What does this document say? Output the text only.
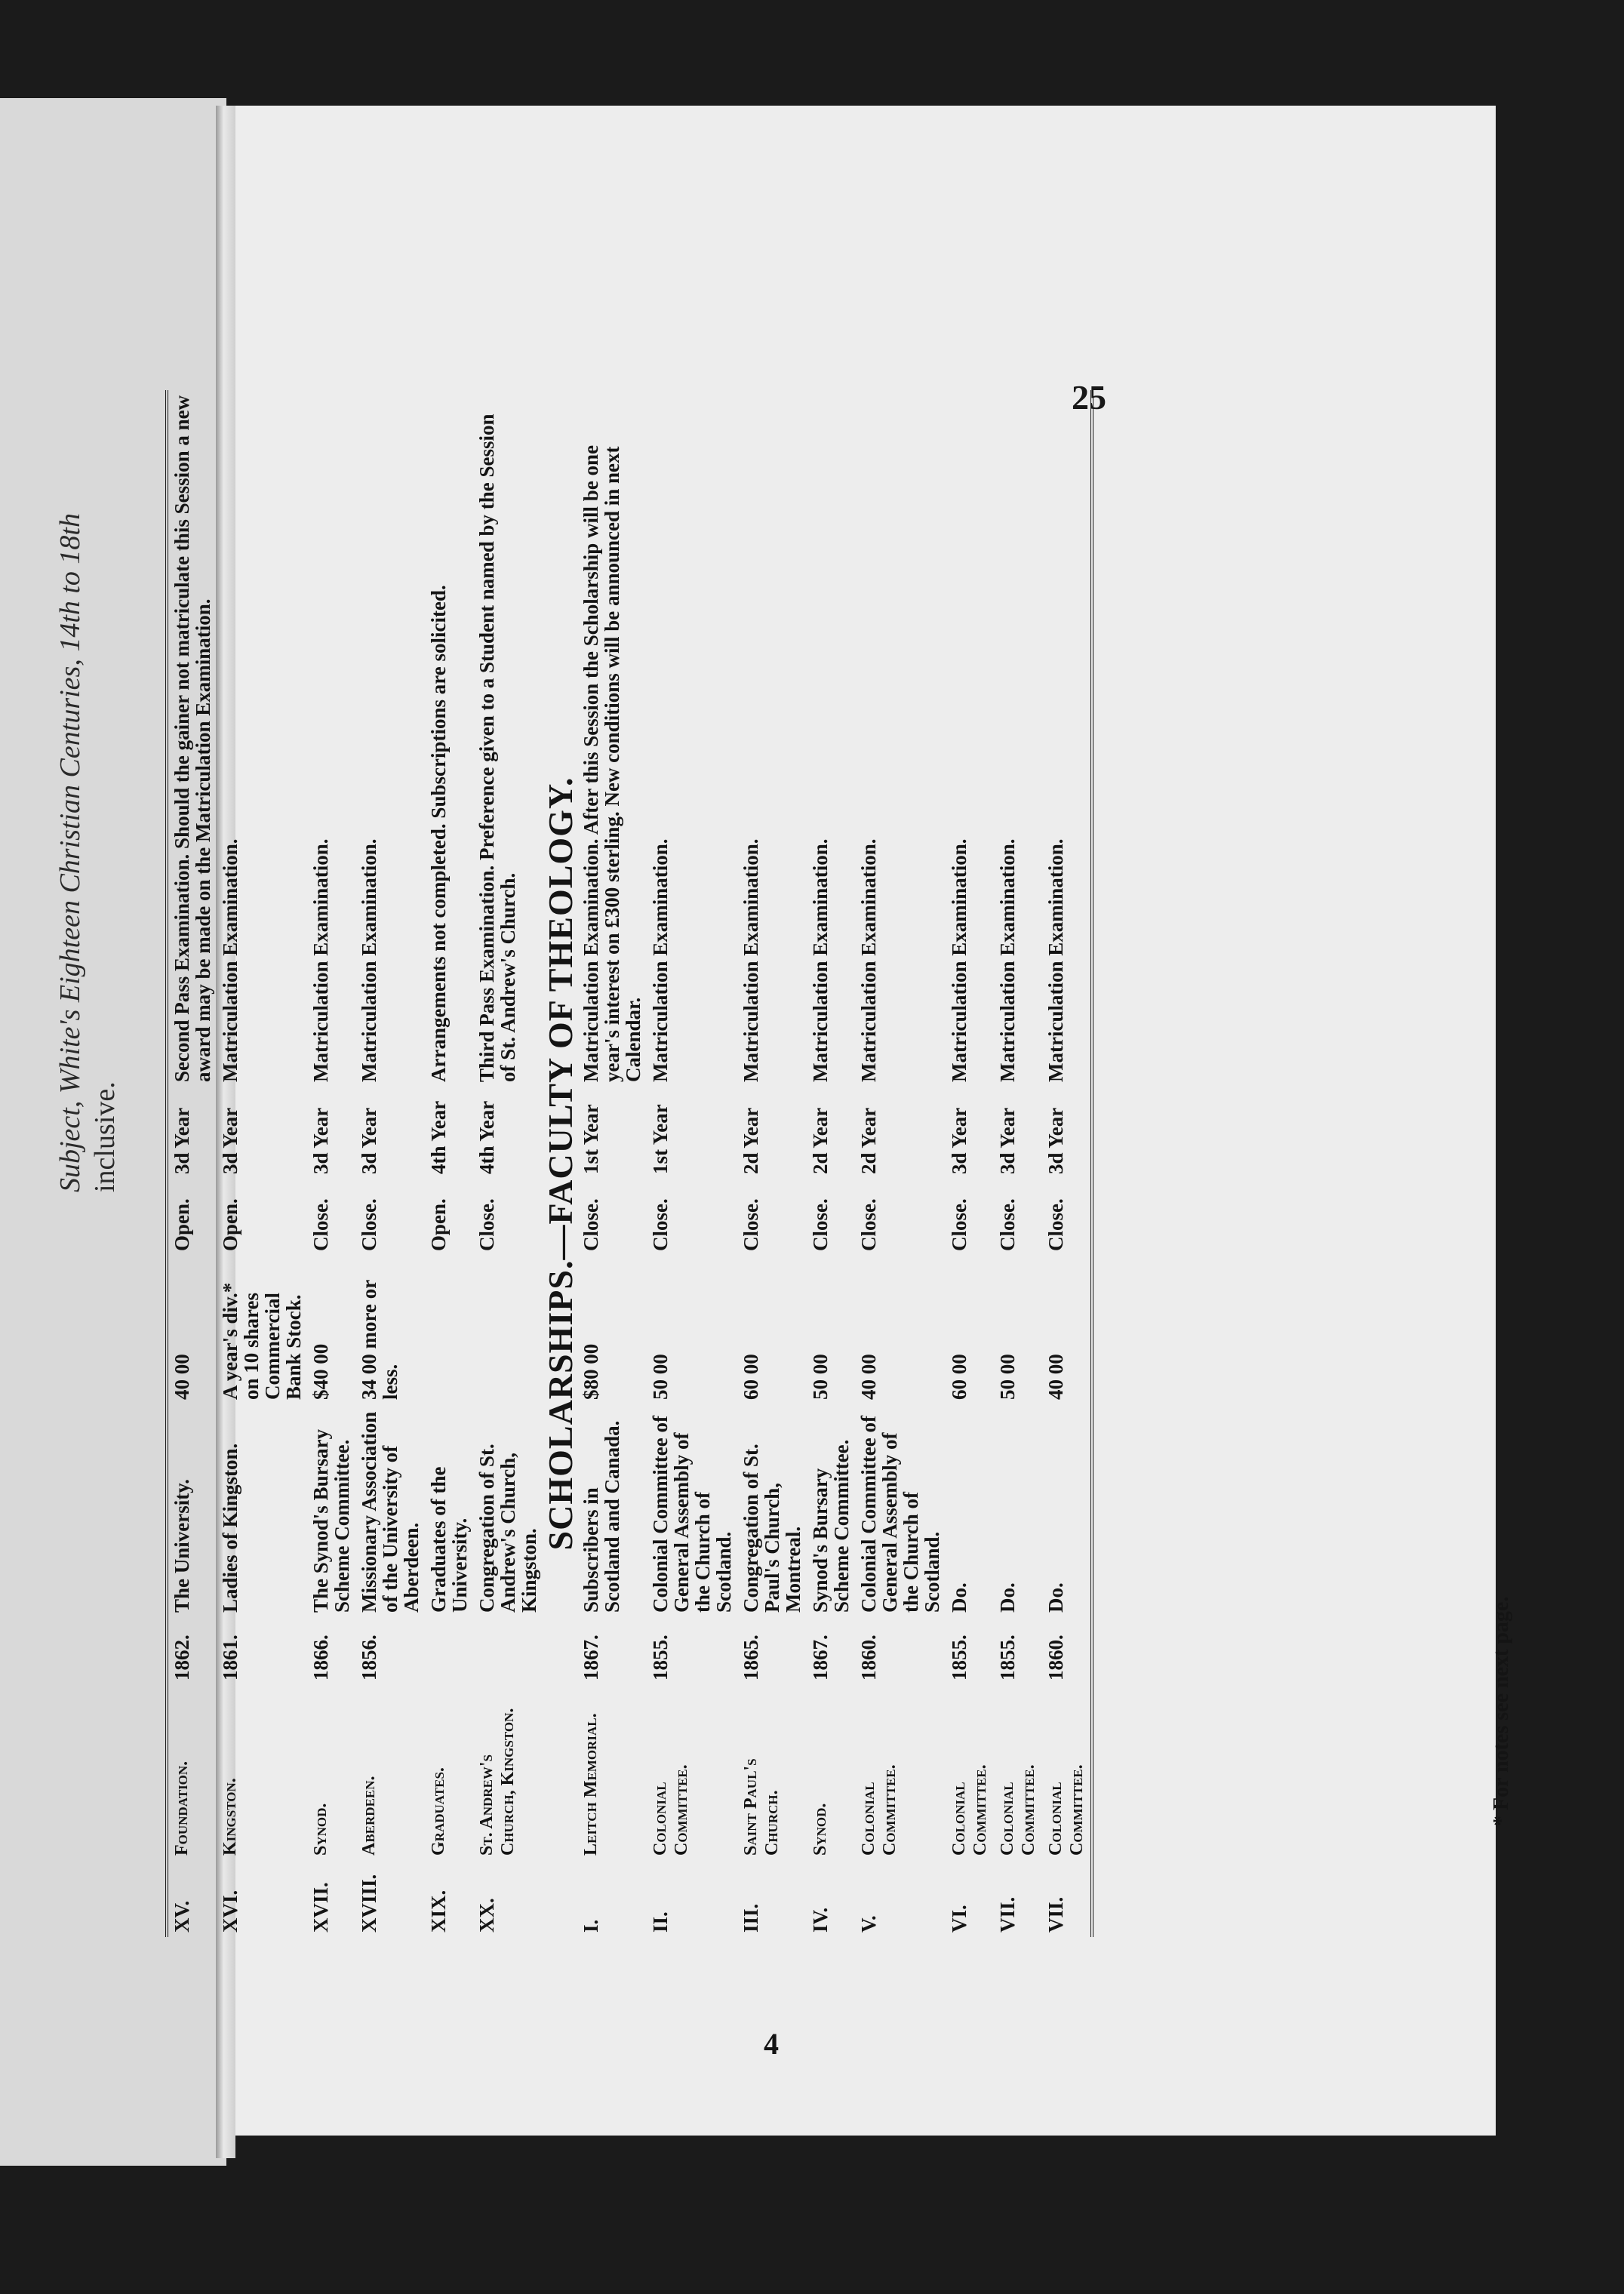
Subject, White's Eighteen Christian Centuries, 14th to 18th inclusive.
25
4
* For notes see next page.
XV.	Foundation.	1862.	The University.	40 00	Open.	3d Year	Second Pass Examination. Should the gainer not matriculate this Session a new award may be made on the Matriculation Examination.
XVI.	Kingston.	1861.	Ladies of Kingston.	A year's div.* on 10 shares Commercial Bank Stock.	Open.	3d Year	Matriculation Examination.
XVII.	Synod.	1866.	The Synod's Bursary Scheme Committee.	$40 00	Close.	3d Year	Matriculation Examination.
XVIII.	Aberdeen.	1856.	Missionary Association of the University of Aberdeen.	34 00 more or less.	Close.	3d Year	Matriculation Examination.
XIX.	Graduates.		Graduates of the University.		Open.	4th Year	Arrangements not completed. Subscriptions are solicited.
XX.	St. Andrew's Church, Kingston.		Congregation of St. Andrew's Church, Kingston.		Close.	4th Year	Third Pass Examination. Preference given to a Student named by the Session of St. Andrew's Church.
SCHOLARSHIPS.—FACULTY OF THEOLOGY.							
I.	Leitch Memorial.	1867.	Subscribers in Scotland and Canada.	$80 00	Close.	1st Year	Matriculation Examination. After this Session the Scholarship will be one year's interest on £300 sterling. New conditions will be announced in next Calendar.
II.	Colonial Committee.	1855.	Colonial Committee of General Assembly of the Church of Scotland.	50 00	Close.	1st Year	Matriculation Examination.
III.	Saint Paul's Church.	1865.	Congregation of St. Paul's Church, Montreal.	60 00	Close.	2d Year	Matriculation Examination.
IV.	Synod.	1867.	Synod's Bursary Scheme Committee.	50 00	Close.	2d Year	Matriculation Examination.
V.	Colonial Committee.	1860.	Colonial Committee of General Assembly of the Church of Scotland.	40 00	Close.	2d Year	Matriculation Examination.
VI.	Colonial Committee.	1855.	Do.	60 00	Close.	3d Year	Matriculation Examination.
VII.	Colonial Committee.	1855.	Do.	50 00	Close.	3d Year	Matriculation Examination.
VII.	Colonial Committee.	1860.	Do.	40 00	Close.	3d Year	Matriculation Examination.
